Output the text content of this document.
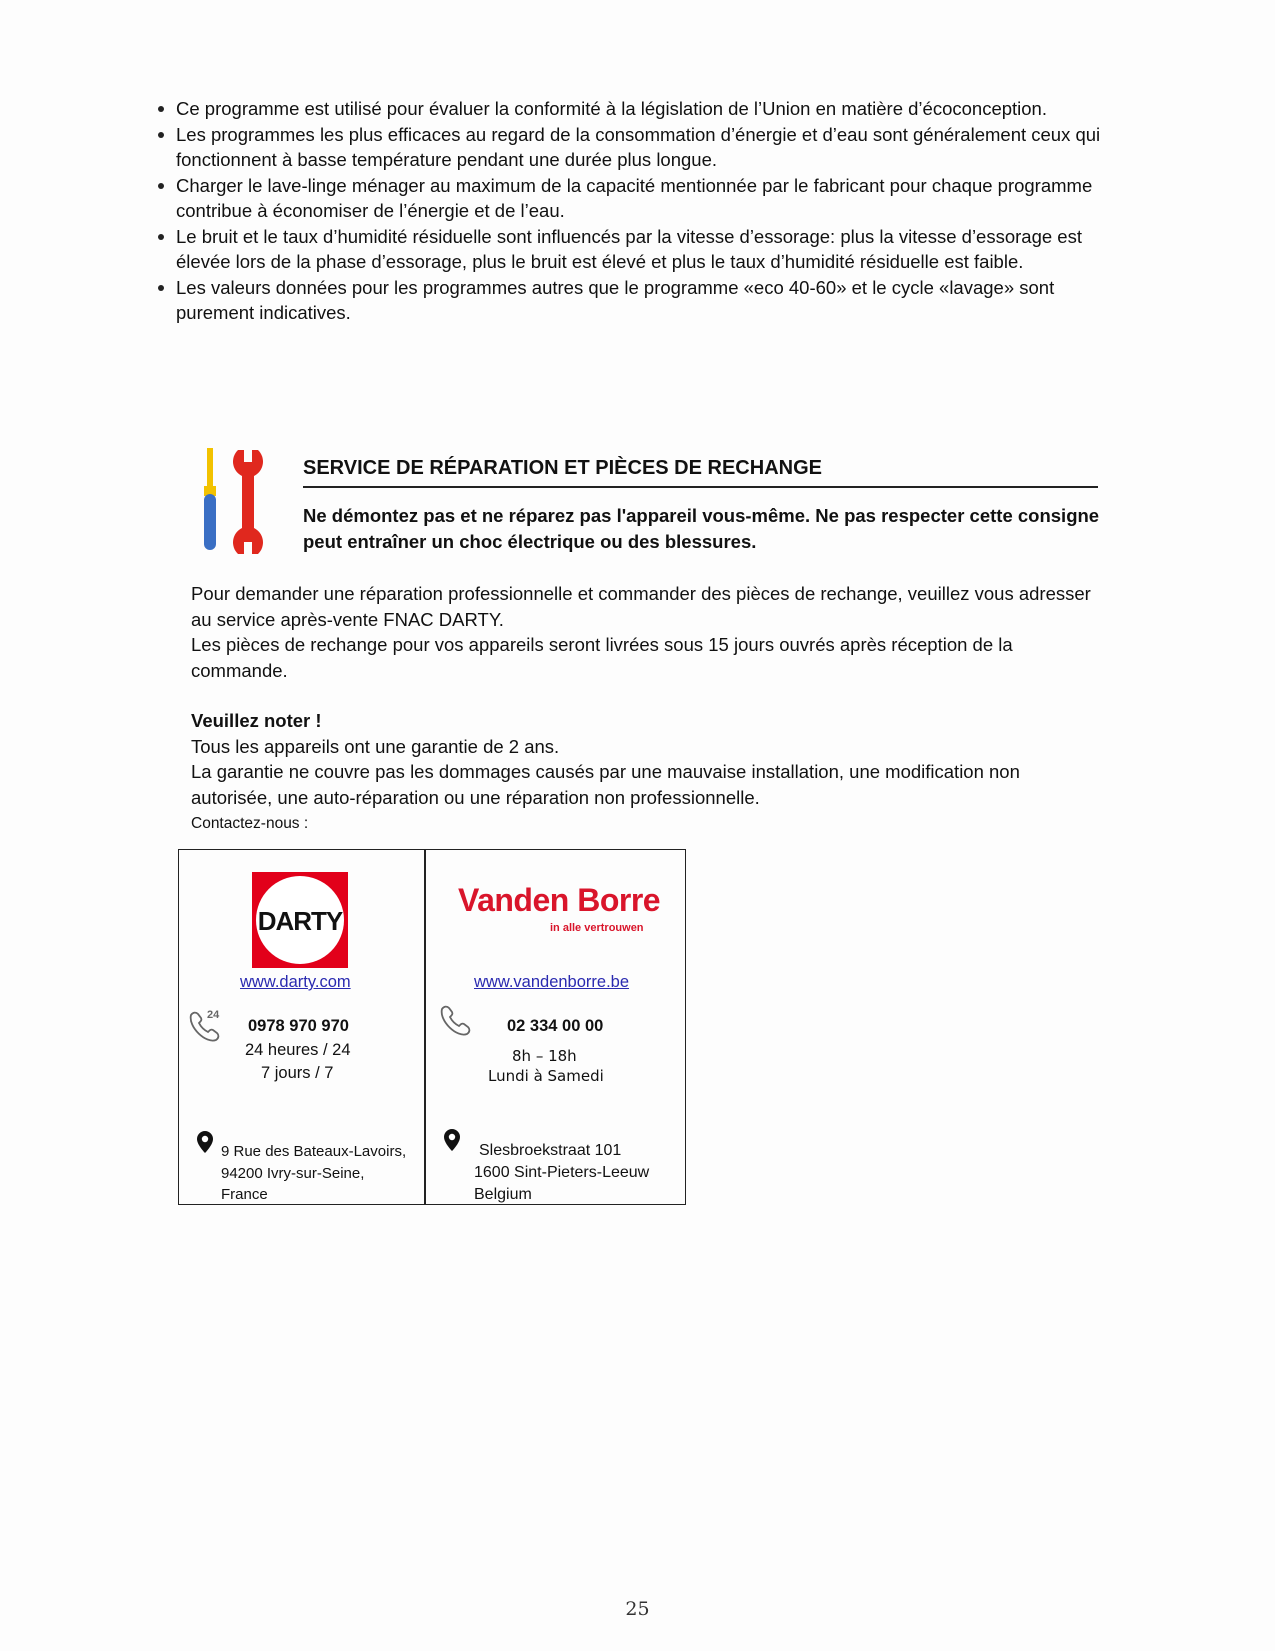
Ce programme est utilisé pour évaluer la conformité à la législation de l’Union en matière d’écoconception.
Les programmes les plus efficaces au regard de la consommation d’énergie et d’eau sont généralement ceux qui fonctionnent à basse température pendant une durée plus longue.
Charger le lave-linge ménager au maximum de la capacité mentionnée par le fabricant pour chaque programme contribue à économiser de l’énergie et de l’eau.
Le bruit et le taux d’humidité résiduelle sont influencés par la vitesse d’essorage: plus la vitesse d’essorage est élevée lors de la phase d’essorage, plus le bruit est élevé et plus le taux d’humidité résiduelle est faible.
Les valeurs données pour les programmes autres que le programme «eco 40-60» et le cycle «lavage» sont purement indicatives.
SERVICE DE RÉPARATION ET PIÈCES DE RECHANGE
Ne démontez pas et ne réparez pas l'appareil vous-même. Ne pas respecter cette consigne peut entraîner un choc électrique ou des blessures.

Pour demander une réparation professionnelle et commander des pièces de rechange, veuillez vous adresser au service après-vente FNAC DARTY.

Les pièces de rechange pour vos appareils seront livrées sous 15 jours ouvrés après réception de la commande.

Veuillez noter !

Tous les appareils ont une garantie de 2 ans.

La garantie ne couvre pas les dommages causés par une mauvaise installation, une modification non autorisée, une auto-réparation ou une réparation non professionnelle.

Contactez-nous :
DARTY
www.darty.com
24
0978 970 970
24 heures / 24
7 jours / 7
9 Rue des Bateaux-Lavoirs,
94200 Ivry-sur-Seine,
France
Vanden Borre
in alle vertrouwen
www.vandenborre.be
02 334 00 00
8h – 18h
Lundi à Samedi
Slesbroekstraat 101
1600 Sint-Pieters-Leeuw
Belgium
25
